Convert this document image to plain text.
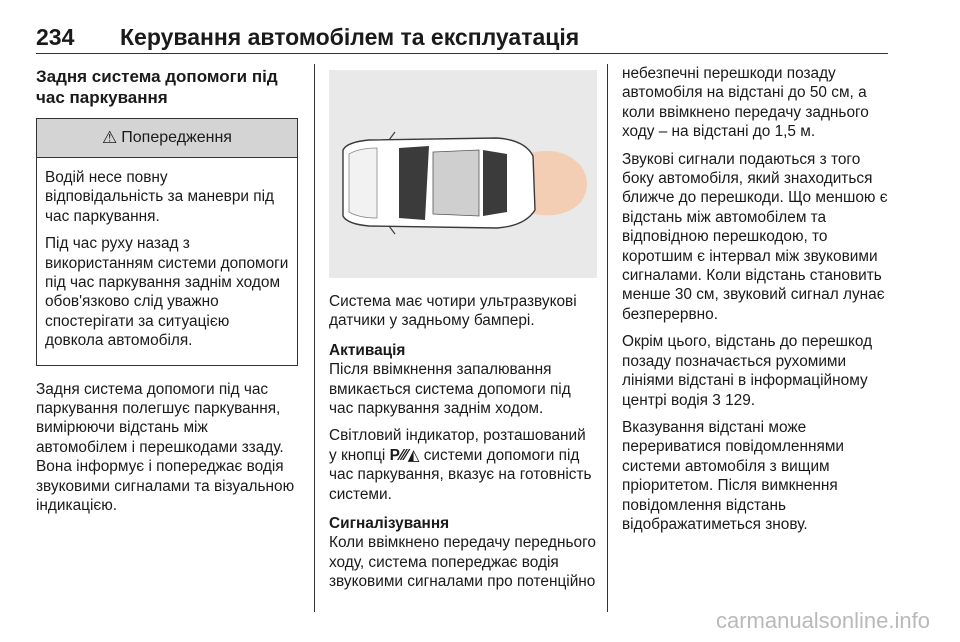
234 Керування автомобілем та експлуатація
Задня система допомоги під час паркування
⚠ Попередження

Водій несе повну відповідальність за маневри під час паркування.

Під час руху назад з використанням системи допомоги під час паркування заднім ходом обов'язково слід уважно спостерігати за ситуацією довкола автомобіля.

Задня система допомоги під час паркування полегшує паркування, вимірюючи відстань між автомобілем і перешкодами ззаду. Вона інформує і попереджає водія звуковими сигналами та візуальною індикацією.

Система має чотири ультразвукові датчики у задньому бампері.

Активація

Після ввімкнення запалювання вмикається система допомоги під час паркування заднім ходом.

Світловий індикатор, розташований у кнопці P⁄⁄⁄◭ системи допомоги під час паркування, вказує на готовність системи.

Сигналізування

Коли ввімкнено передачу переднього ходу, система попереджає водія звуковими сигналами про потенційно

небезпечні перешкоди позаду автомобіля на відстані до 50 см, а коли ввімкнено передачу заднього ходу – на відстані до 1,5 м.

Звукові сигнали подаються з того боку автомобіля, який знаходиться ближче до перешкоди. Що меншою є відстань між автомобілем та відповідною перешкодою, то коротшим є інтервал між звуковими сигналами. Коли відстань становить менше 30 см, звуковий сигнал лунає безперервно.

Окрім цього, відстань до перешкод позаду позначається рухомими лініями відстані в інформаційному центрі водія 3 129.

Вказування відстані може перериватися повідомленнями системи автомобіля з вищим пріоритетом. Після вимкнення повідомлення відстань відображатиметься знову.

carmanualsonline.info
